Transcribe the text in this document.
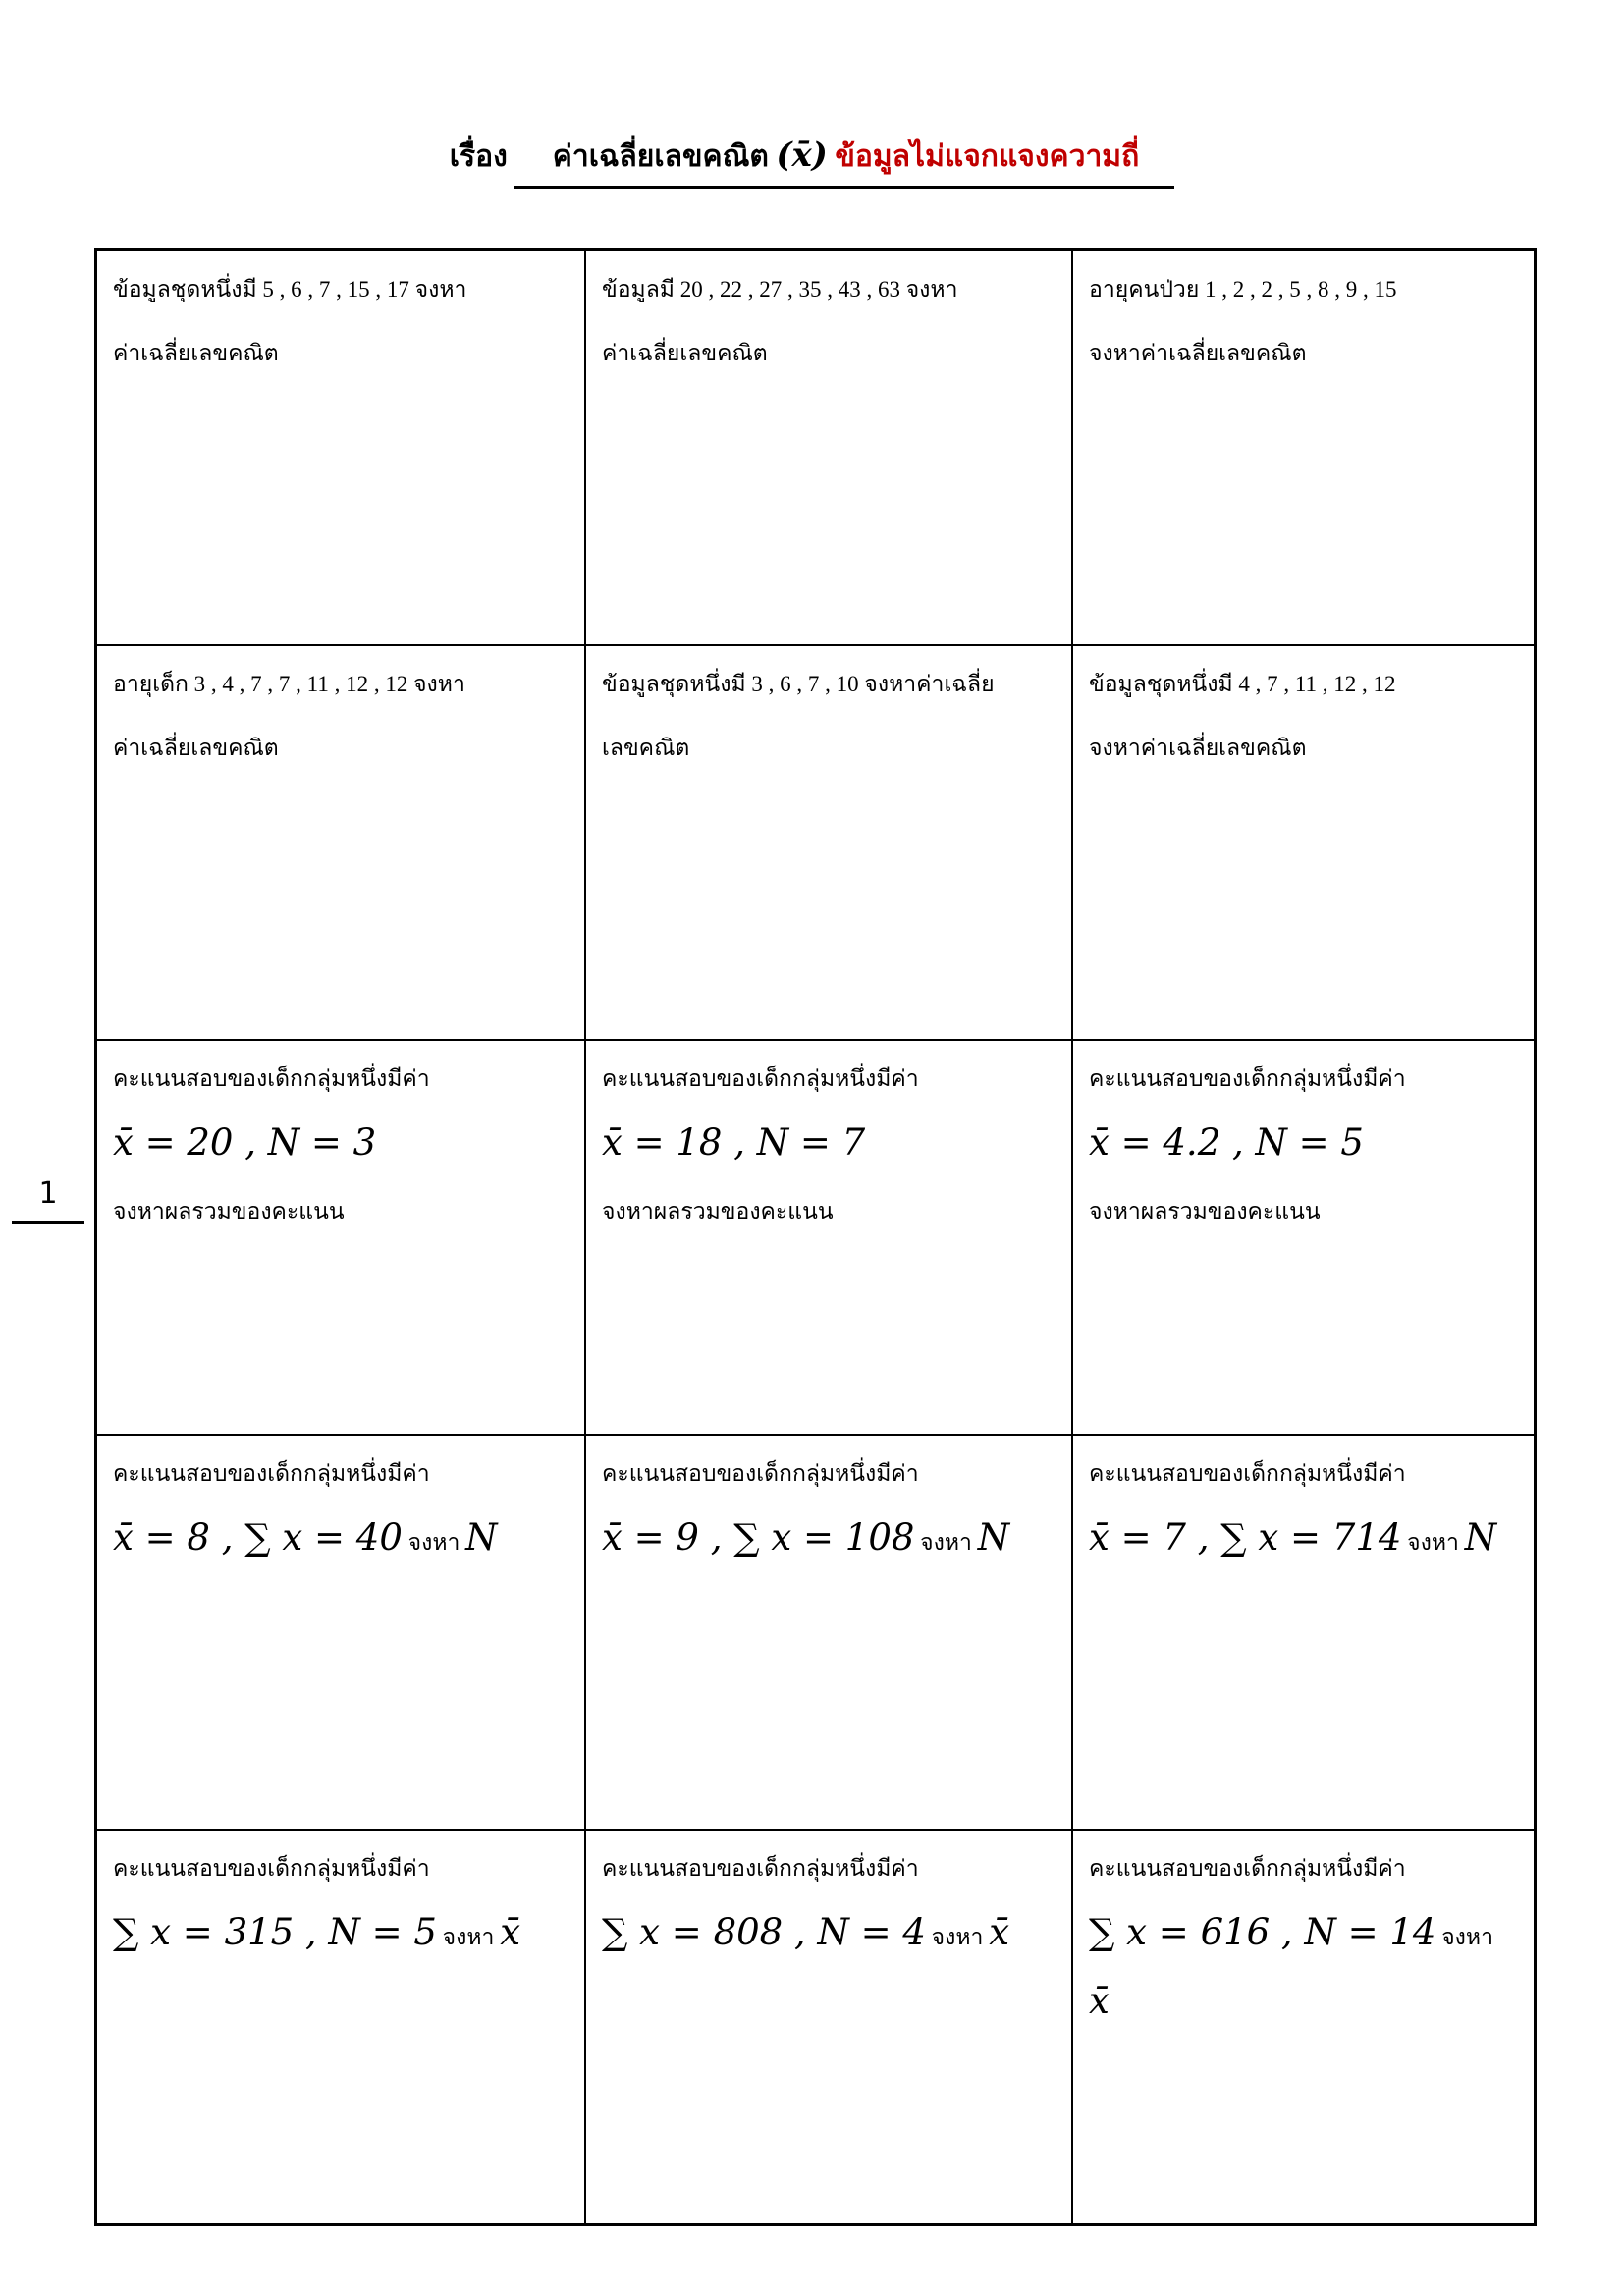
เรื่อง ค่าเฉลี่ยเลขคณิต (x̄) ข้อมูลไม่แจกแจงความถี่
ข้อมูลชุดหนึ่งมี 5 , 6 , 7 , 15 , 17 จงหา
ค่าเฉลี่ยเลขคณิต
ข้อมูลมี 20 , 22 , 27 , 35 , 43 , 63 จงหา
ค่าเฉลี่ยเลขคณิต
อายุคนป่วย 1 , 2 , 2 , 5 , 8 , 9 , 15
จงหาค่าเฉลี่ยเลขคณิต
อายุเด็ก 3 , 4 , 7 , 7 , 11 , 12 , 12 จงหา
ค่าเฉลี่ยเลขคณิต
ข้อมูลชุดหนึ่งมี 3 , 6 , 7 , 10 จงหาค่าเฉลี่ย
เลขคณิต
ข้อมูลชุดหนึ่งมี 4 , 7 , 11 , 12 , 12
จงหาค่าเฉลี่ยเลขคณิต
คะแนนสอบของเด็กกลุ่มหนึ่งมีค่า
x̄ = 20 , N = 3
จงหาผลรวมของคะแนน
คะแนนสอบของเด็กกลุ่มหนึ่งมีค่า
x̄ = 18 , N = 7
จงหาผลรวมของคะแนน
คะแนนสอบของเด็กกลุ่มหนึ่งมีค่า
x̄ = 4.2 , N = 5
จงหาผลรวมของคะแนน
คะแนนสอบของเด็กกลุ่มหนึ่งมีค่า
x̄ = 8 , ∑ x = 40 จงหา N
คะแนนสอบของเด็กกลุ่มหนึ่งมีค่า
x̄ = 9 , ∑ x = 108 จงหา N
คะแนนสอบของเด็กกลุ่มหนึ่งมีค่า
x̄ = 7 , ∑ x = 714 จงหา N
คะแนนสอบของเด็กกลุ่มหนึ่งมีค่า
∑ x = 315 , N = 5 จงหา x̄
คะแนนสอบของเด็กกลุ่มหนึ่งมีค่า
∑ x = 808 , N = 4 จงหา x̄
คะแนนสอบของเด็กกลุ่มหนึ่งมีค่า
∑ x = 616 , N = 14 จงหา x̄
1
